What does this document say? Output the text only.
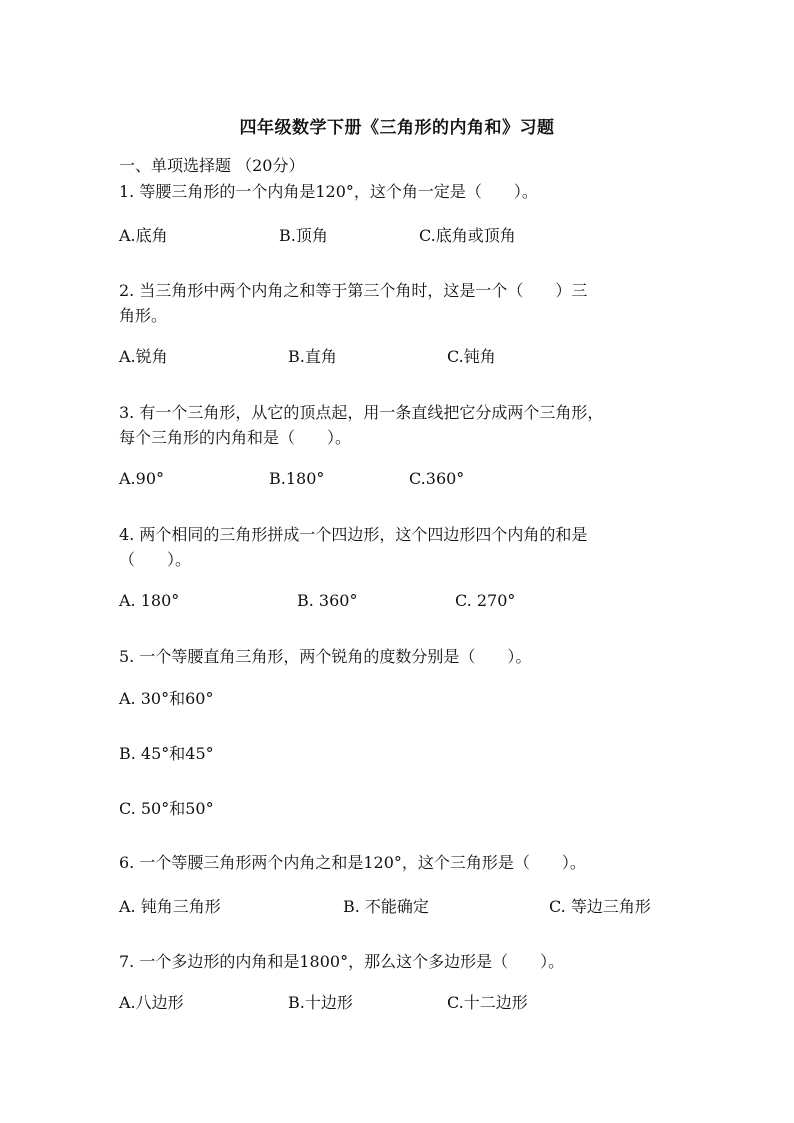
四年级数学下册《三角形的内角和》习题
一、单项选择题 （20分）
1. 等腰三角形的一个内角是120°，这个角一定是（　　）。
A.底角	B.顶角	C.底角或顶角
2. 当三角形中两个内角之和等于第三个角时，这是一个（　　）三
角形。
A.锐角	B.直角	C.钝角
3. 有一个三角形，从它的顶点起，用一条直线把它分成两个三角形，
每个三角形的内角和是（　　）。
A.90°	B.180°	C.360°
4. 两个相同的三角形拼成一个四边形，这个四边形四个内角的和是
（　　）。
A. 180°	B. 360°	C. 270°
5. 一个等腰直角三角形，两个锐角的度数分别是（　　）。
A. 30°和60°
B. 45°和45°
C. 50°和50°
6. 一个等腰三角形两个内角之和是120°，这个三角形是（　　）。
A. 钝角三角形	B. 不能确定	C. 等边三角形
7. 一个多边形的内角和是1800°，那么这个多边形是（　　）。
A.八边形	B.十边形	C.十二边形
